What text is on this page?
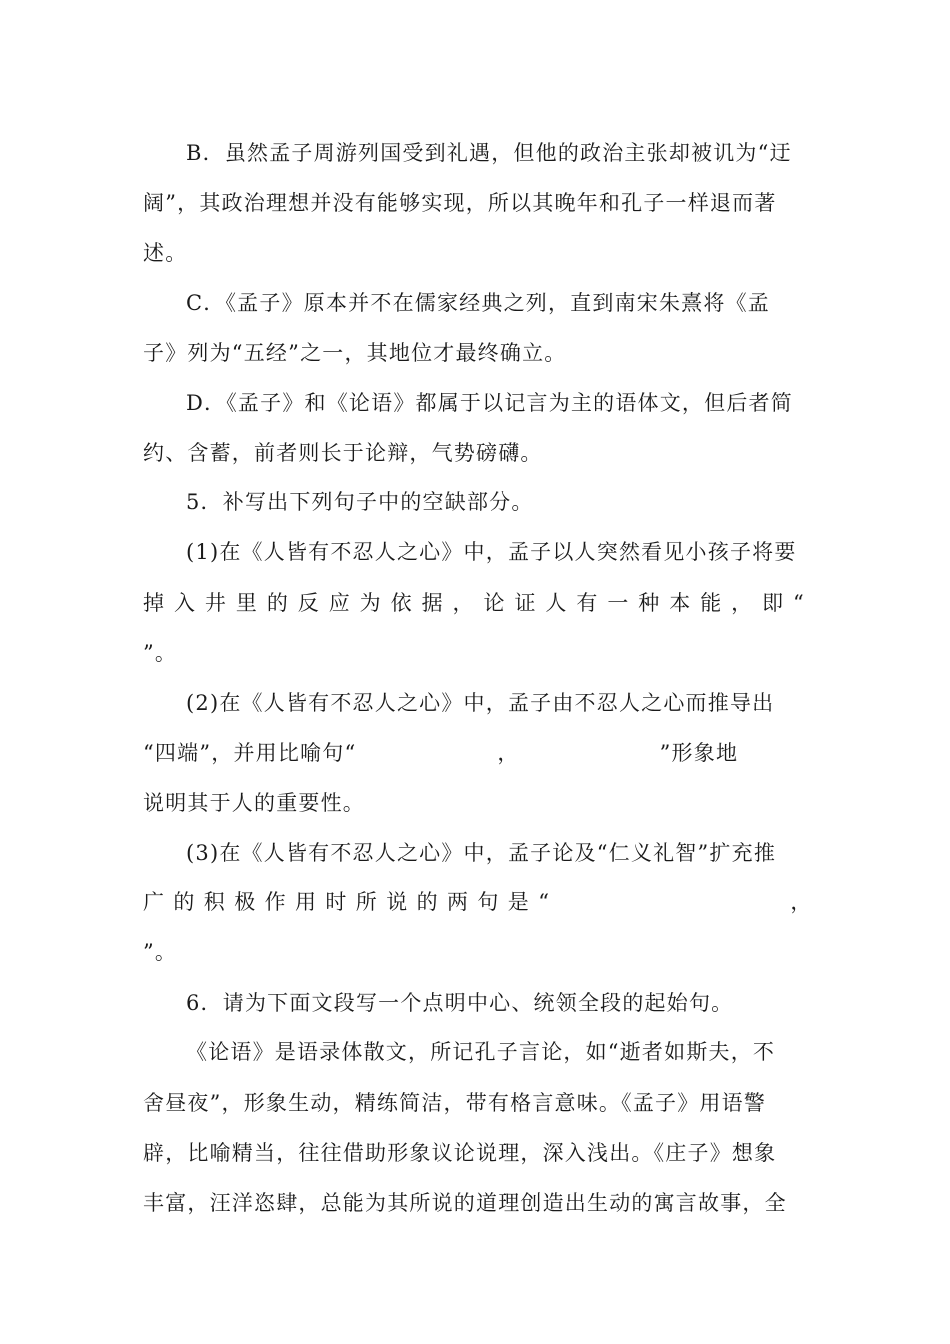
B．虽然孟子周游列国受到礼遇，但他的政治主张却被讥为“迂
阔”，其政治理想并没有能够实现，所以其晚年和孔子一样退而著
述。
C．《孟子》原本并不在儒家经典之列，直到南宋朱熹将《孟
子》列为“五经”之一，其地位才最终确立。
D．《孟子》和《论语》都属于以记言为主的语体文，但后者简
约、含蓄，前者则长于论辩，气势磅礴。
5．补写出下列句子中的空缺部分。
(1)在《人皆有不忍人之心》中，孟子以人突然看见小孩子将要
掉入井里的反应为依据，论证人有一种本能，即“
”。
(2)在《人皆有不忍人之心》中，孟子由不忍人之心而推导出
“四端”，并用比喻句“	，	”形象地
说明其于人的重要性。
(3)在《人皆有不忍人之心》中，孟子论及“仁义礼智”扩充推
广的积极作用时所说的两句是“	，
”。
6．请为下面文段写一个点明中心、统领全段的起始句。
《论语》是语录体散文，所记孔子言论，如“逝者如斯夫，不
舍昼夜”，形象生动，精练简洁，带有格言意味。《孟子》用语警
辟，比喻精当，往往借助形象议论说理，深入浅出。《庄子》想象
丰富，汪洋恣肆，总能为其所说的道理创造出生动的寓言故事，全
